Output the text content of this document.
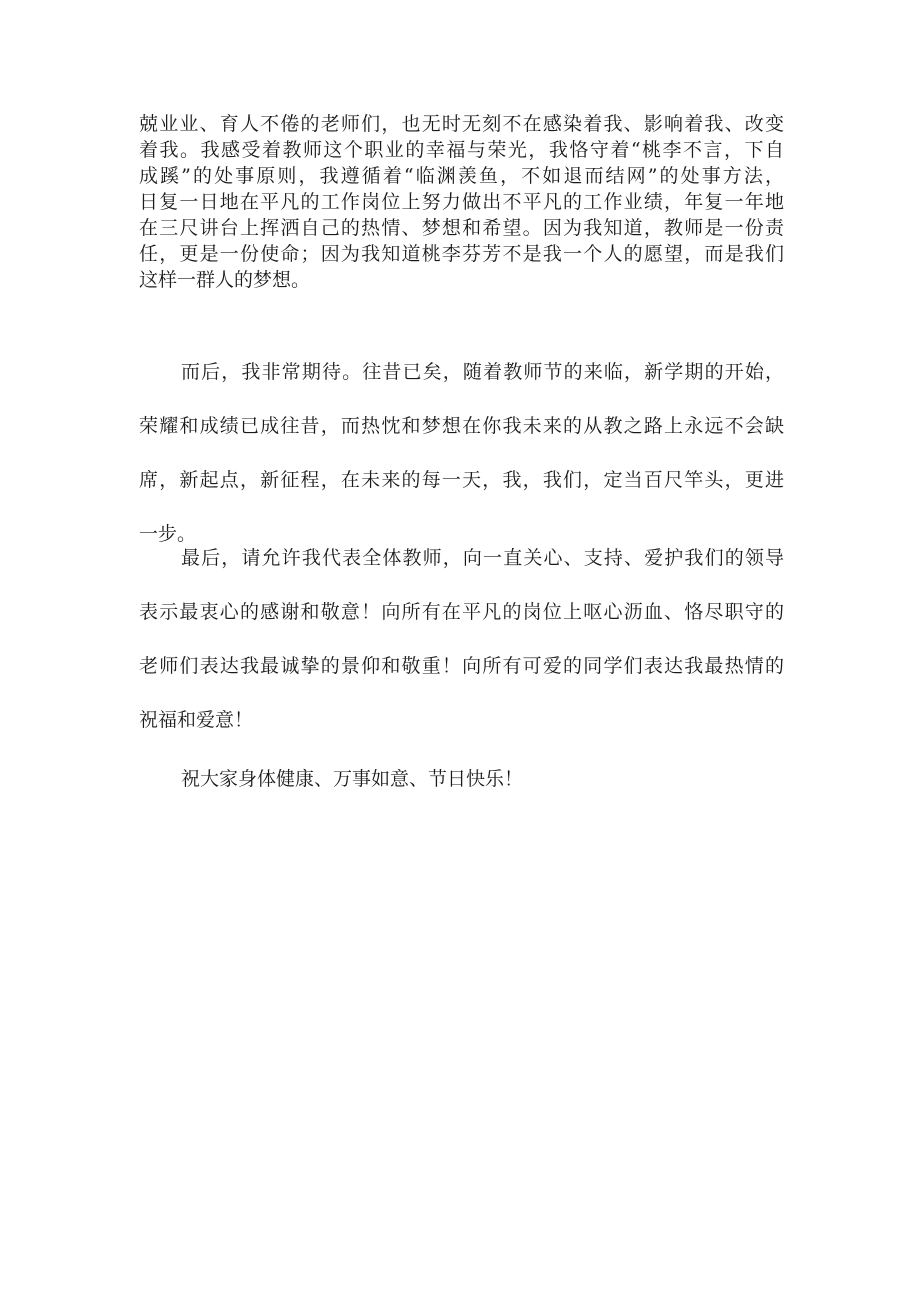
兢业业、育人不倦的老师们，也无时无刻不在感染着我、影响着我、改变
着我。我感受着教师这个职业的幸福与荣光，我恪守着“桃李不言，下自
成蹊”的处事原则，我遵循着“临渊羡鱼，不如退而结网”的处事方法，
日复一日地在平凡的工作岗位上努力做出不平凡的工作业绩，年复一年地
在三尺讲台上挥洒自己的热情、梦想和希望。因为我知道，教师是一份责
任，更是一份使命；因为我知道桃李芬芳不是我一个人的愿望，而是我们
这样一群人的梦想。
而后，我非常期待。往昔已矣，随着教师节的来临，新学期的开始，
荣耀和成绩已成往昔，而热忱和梦想在你我未来的从教之路上永远不会缺
席，新起点，新征程，在未来的每一天，我，我们，定当百尺竿头，更进
一步。
最后，请允许我代表全体教师，向一直关心、支持、爱护我们的领导
表示最衷心的感谢和敬意！向所有在平凡的岗位上呕心沥血、恪尽职守的
老师们表达我最诚挚的景仰和敬重！向所有可爱的同学们表达我最热情的
祝福和爱意！
祝大家身体健康、万事如意、节日快乐！
